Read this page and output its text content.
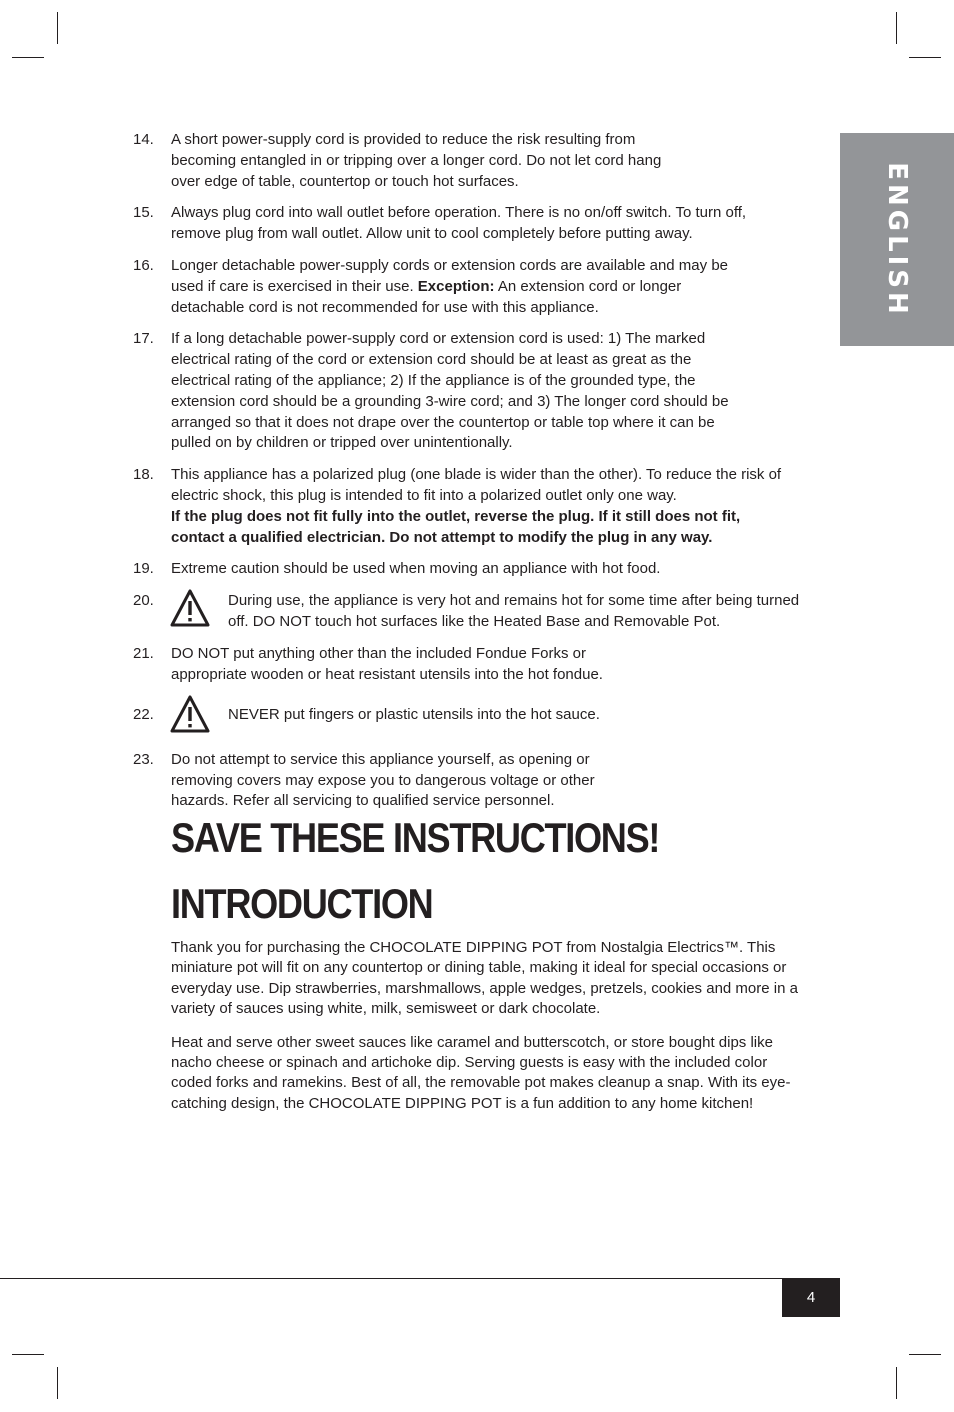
ENGLISH
14.	A short power-supply cord is provided to reduce the risk resulting from becoming entangled in or tripping over a longer cord. Do not let cord hang over edge of table, countertop or touch hot surfaces.
15.	Always plug cord into wall outlet before operation. There is no on/off switch. To turn off, remove plug from wall outlet. Allow unit to cool completely before putting away.
16.	Longer detachable power-supply cords or extension cords are available and may be used if care is exercised in their use. Exception: An extension cord or longer detachable cord is not recommended for use with this appliance.
17.	If a long detachable power-supply cord or extension cord is used: 1) The marked electrical rating of the cord or extension cord should be at least as great as the electrical rating of the appliance; 2) If the appliance is of the grounded type, the extension cord should be a grounding 3-wire cord; and 3) The longer cord should be arranged so that it does not drape over the countertop or table top where it can be pulled on by children or tripped over unintentionally.
18.	This appliance has a polarized plug (one blade is wider than the other). To reduce the risk of electric shock, this plug is intended to fit into a polarized outlet only one way.
If the plug does not fit fully into the outlet, reverse the plug. If it still does not fit, contact a qualified electrician. Do not attempt to modify the plug in any way.
19.	Extreme caution should be used when moving an appliance with hot food.
20.	During use, the appliance is very hot and remains hot for some time after being turned off. DO NOT touch hot surfaces like the Heated Base and Removable Pot.
21.	DO NOT put anything other than the included Fondue Forks or appropriate wooden or heat resistant utensils into the hot fondue.
22.	NEVER put fingers or plastic utensils into the hot sauce.
23.	Do not attempt to service this appliance yourself, as opening or removing covers may expose you to dangerous voltage or other hazards. Refer all servicing to qualified service personnel.
SAVE THESE INSTRUCTIONS!
INTRODUCTION

Thank you for purchasing the CHOCOLATE DIPPING POT from Nostalgia Electrics™. This miniature pot will fit on any countertop or dining table, making it ideal for special occasions or everyday use. Dip strawberries, marshmallows, apple wedges, pretzels, cookies and more in a variety of sauces using white, milk, semisweet or dark chocolate.

Heat and serve other sweet sauces like caramel and butterscotch, or store bought dips like nacho cheese or spinach and artichoke dip. Serving guests is easy with the included color coded forks and ramekins. Best of all, the removable pot makes cleanup a snap. With its eye-catching design, the CHOCOLATE DIPPING POT is a fun addition to any home kitchen!

4
